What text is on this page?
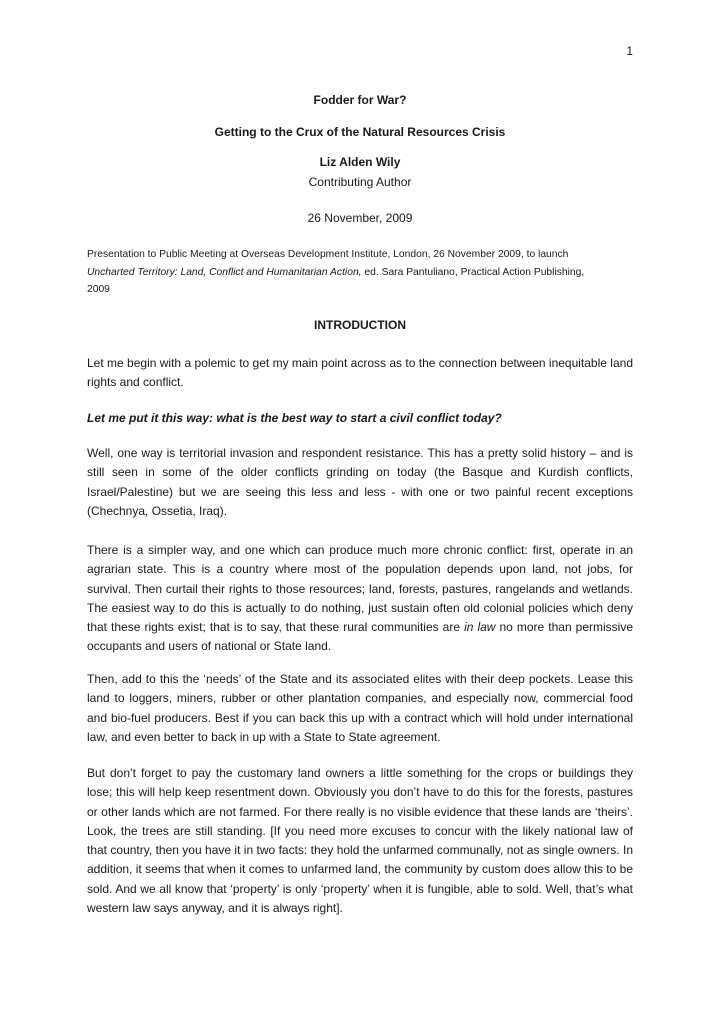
1
Fodder for War?
Getting to the Crux of the Natural Resources Crisis
Liz Alden Wily
Contributing Author
26 November, 2009
Presentation to Public Meeting at Overseas Development Institute, London, 26 November 2009, to launch
Uncharted Territory: Land, Conflict and Humanitarian Action, ed. Sara Pantuliano, Practical Action Publishing,
2009
INTRODUCTION
Let me begin with a polemic to get my main point across as to the connection between inequitable land rights and conflict.
Let me put it this way: what is the best way to start a civil conflict today?
Well, one way is territorial invasion and respondent resistance. This has a pretty solid history – and is still seen in some of the older conflicts grinding on today (the Basque and Kurdish conflicts, Israel/Palestine) but we are seeing this less and less - with one or two painful recent exceptions (Chechnya, Ossetia, Iraq).
There is a simpler way, and one which can produce much more chronic conflict: first, operate in an agrarian state. This is a country where most of the population depends upon land, not jobs, for survival. Then curtail their rights to those resources; land, forests, pastures, rangelands and wetlands. The easiest way to do this is actually to do nothing, just sustain often old colonial policies which deny that these rights exist; that is to say, that these rural communities are in law no more than permissive occupants and users of national or State land.
Then, add to this the ‘needs’ of the State and its associated elites with their deep pockets. Lease this land to loggers, miners, rubber or other plantation companies, and especially now, commercial food and bio-fuel producers. Best if you can back this up with a contract which will hold under international law, and even better to back in up with a State to State agreement.
But don’t forget to pay the customary land owners a little something for the crops or buildings they lose; this will help keep resentment down. Obviously you don’t have to do this for the forests, pastures or other lands which are not farmed. For there really is no visible evidence that these lands are ‘theirs’. Look, the trees are still standing. [If you need more excuses to concur with the likely national law of that country, then you have it in two facts: they hold the unfarmed communally, not as single owners. In addition, it seems that when it comes to unfarmed land, the community by custom does allow this to be sold. And we all know that ‘property’ is only ‘property’ when it is fungible, able to sold. Well, that’s what western law says anyway, and it is always right].
